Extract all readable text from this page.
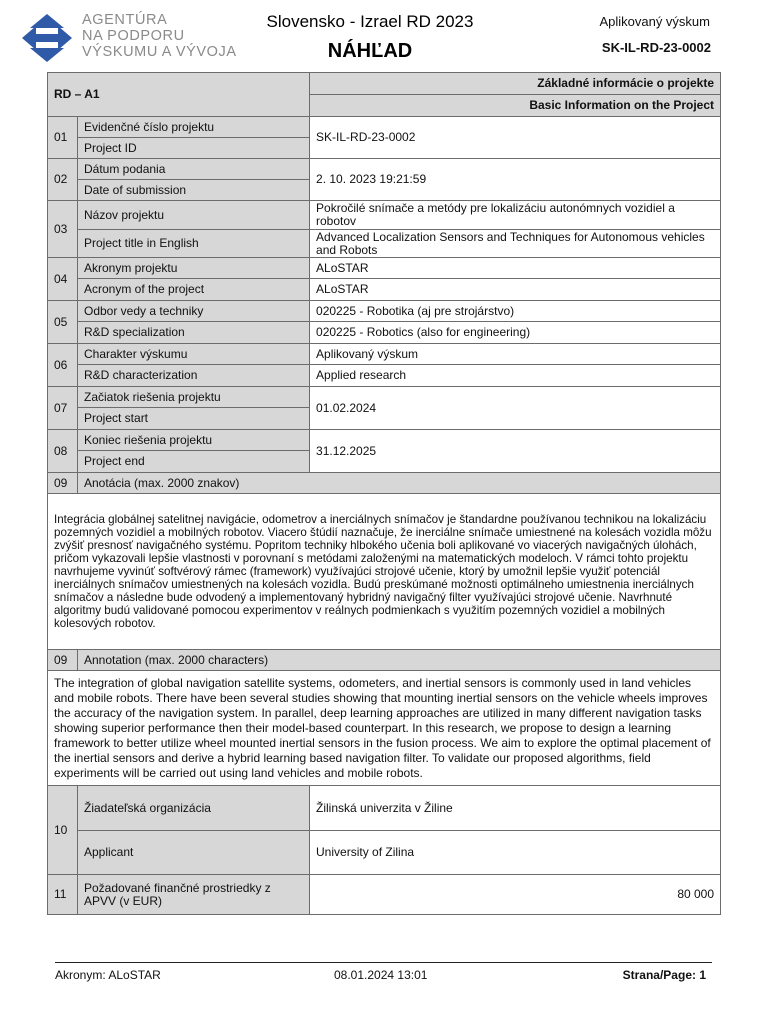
AGENTÚRA
NA PODPORU
VÝSKUMU A VÝVOJA
Slovensko - Izrael RD 2023
NÁHĽAD
Aplikovaný výskum
SK-IL-RD-23-0002
RD – A1		Základné informácie o projekte
		Basic Information on the Project
01	Evidenčné číslo projektu	SK-IL-RD-23-0002
	Project ID	
02	Dátum podania	2. 10. 2023 19:21:59
	Date of submission	
03	Názov projektu	Pokročilé snímače a metódy pre lokalizáciu autonómnych vozidiel a robotov
	Project title in English	Advanced Localization Sensors and Techniques for Autonomous vehicles and Robots
04	Akronym projektu	ALoSTAR
	Acronym of the project	ALoSTAR
05	Odbor vedy a techniky	020225 - Robotika (aj pre strojárstvo)
	R&D specialization	020225 - Robotics (also for engineering)
06	Charakter výskumu	Aplikovaný výskum
	R&D characterization	Applied research
07	Začiatok riešenia projektu	01.02.2024
	Project start	
08	Koniec riešenia projektu	31.12.2025
	Project end	
09	Anotácia (max. 2000 znakov)	
Integrácia globálnej satelitnej navigácie, odometrov a inerciálnych snímačov je štandardne používanou technikou na lokalizáciu pozemných vozidiel a mobilných robotov. Viacero štúdií naznačuje, že inerciálne snímače umiestnené na kolesách vozidla môžu zvýšiť presnosť navigačného systému. Popritom techniky hlbokého učenia boli aplikované vo viacerých navigačných úlohách, pričom vykazovali lepšie vlastnosti v porovnaní s metódami založenými na matematických modeloch. V rámci tohto projektu navrhujeme vyvinúť softvérový rámec (framework) využívajúci strojové učenie, ktorý by umožnil lepšie využiť potenciál inerciálnych snímačov umiestnených na kolesách vozidla. Budú preskúmané možnosti optimálneho umiestnenia inerciálnych snímačov a následne bude odvodený a implementovaný hybridný navigačný filter využívajúci strojové učenie. Navrhnuté algoritmy budú validované pomocou experimentov v reálnych podmienkach s využitím pozemných vozidiel a mobilných kolesových robotov.		
09	Annotation (max. 2000 characters)	
The integration of global navigation satellite systems, odometers, and inertial sensors is commonly used in land vehicles and mobile robots. There have been several studies showing that mounting inertial sensors on the vehicle wheels improves the accuracy of the navigation system. In parallel, deep learning approaches are utilized in many different navigation tasks showing superior performance then their model-based counterpart. In this research, we propose to design a learning framework to better utilize wheel mounted inertial sensors in the fusion process. We aim to explore the optimal placement of the inertial sensors and derive a hybrid learning based navigation filter. To validate our proposed algorithms, field experiments will be carried out using land vehicles and mobile robots.		
10	Žiadateľská organizácia	Žilinská univerzita v Žiline
	Applicant	University of Zilina
11	Požadované finančné prostriedky z APVV (v EUR)	80 000
Akronym: ALoSTAR	08.01.2024 13:01	Strana/Page: 1
